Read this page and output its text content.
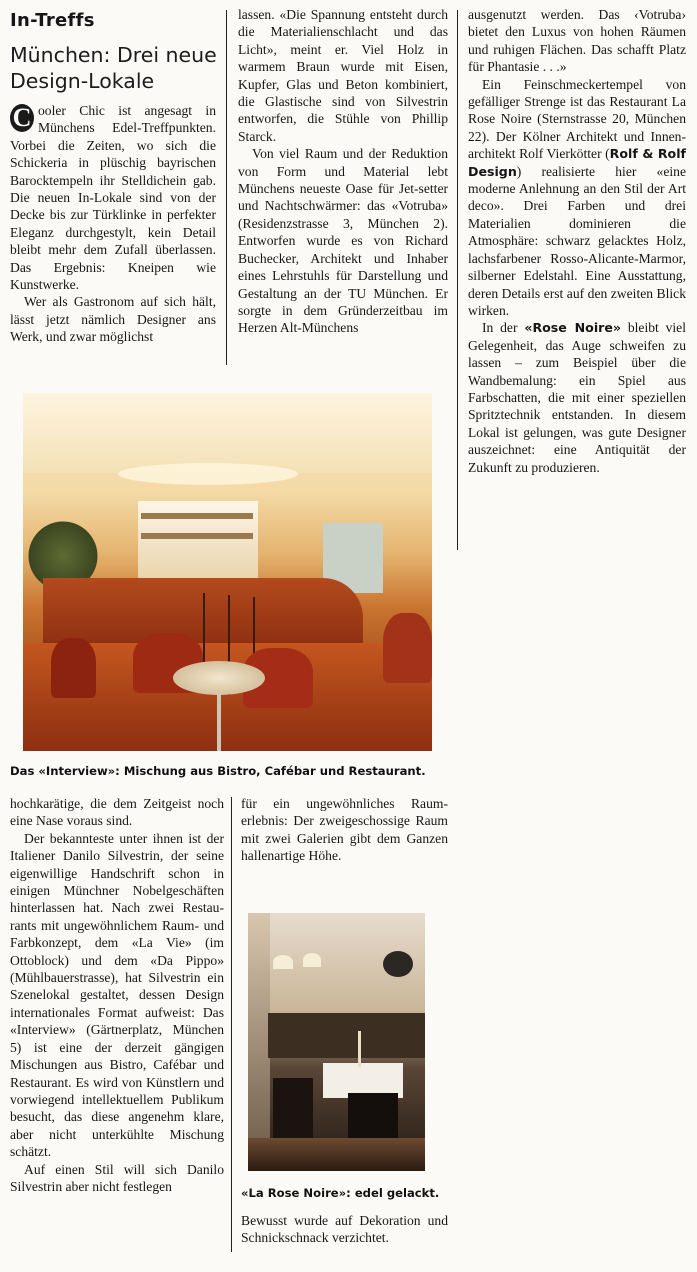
In-Treffs
München: Drei neue Design-Lokale

C ooler Chic ist angesagt in Münchens Edel-Treffpunkten. Vorbei die Zeiten, wo sich die Schickeria in plüschig bayrischen Barocktempeln ihr Stelldichein gab. Die neuen In-Lokale sind von der Decke bis zur Türklinke in perfekter Eleganz durchgestylt, kein Detail bleibt mehr dem Zufall überlassen. Das Ergebnis: Kneipen wie Kunstwerke.

Wer als Gastronom auf sich hält, lässt jetzt nämlich Designer ans Werk, und zwar möglichst

lassen. «Die Spannung entsteht durch die Materialienschlacht und das Licht», meint er. Viel Holz in warmem Braun wurde mit Eisen, Kupfer, Glas und Beton kombiniert, die Glastische sind von Silvestrin entworfen, die Stühle von Phillip Starck.

Von viel Raum und der Reduktion von Form und Material lebt Münchens neueste Oase für Jet-setter und Nachtschwärmer: das «Votruba» (Residenzstrasse 3, München 2). Entworfen wurde es von Richard Buchecker, Architekt und Inhaber eines Lehrstuhls für Darstellung und Gestaltung an der TU München. Er sorgte in dem Gründerzeitbau im Herzen Alt-Münchens

ausgenutzt werden. Das ‹Votruba› bietet den Luxus von hohen Räumen und ruhigen Flächen. Das schafft Platz für Phantasie . . .»

Ein Feinschmeckertempel von gefälliger Strenge ist das Restaurant La Rose Noire (Sternstrasse 20, München 22). Der Kölner Architekt und Innenarchitekt Rolf Vierkötter (Rolf & Rolf Design) realisierte hier «eine moderne Anlehnung an den Stil der Art deco». Drei Farben und drei Materialien dominieren die Atmosphäre: schwarz gelacktes Holz, lachsfarbener Rosso-Alicante-Marmor, silberner Edelstahl. Eine Ausstattung, deren Details erst auf den zweiten Blick wirken.

In der «Rose Noire» bleibt viel Gelegenheit, das Auge schweifen zu lassen – zum Beispiel über die Wandbemalung: ein Spiel aus Farbschatten, die mit einer speziellen Spritztechnik entstanden. In diesem Lokal ist gelungen, was gute Designer auszeichnet: eine Antiquität der Zukunft zu produzieren.

Das «Interview»: Mischung aus Bistro, Cafébar und Restaurant.

hochkarätige, die dem Zeitgeist noch eine Nase voraus sind.

Der bekannteste unter ihnen ist der Italiener Danilo Silvestrin, der seine eigenwillige Handschrift schon in einigen Münchner Nobelgeschäften hinterlassen hat. Nach zwei Restaurants mit ungewöhnlichem Raum- und Farbkonzept, dem «La Vie» (im Ottoblock) und dem «Da Pippo» (Mühlbauerstrasse), hat Silvestrin ein Szenelokal gestaltet, dessen Design internationales Format aufweist: Das «Interview» (Gärtnerplatz, München 5) ist eine der derzeit gängigen Mischungen aus Bistro, Cafébar und Restaurant. Es wird von Künstlern und vorwiegend intellektuellem Publikum besucht, das diese angenehm klare, aber nicht unterkühlte Mischung schätzt.

Auf einen Stil will sich Danilo Silvestrin aber nicht festlegen

für ein ungewöhnliches Raumerlebnis: Der zweigeschossige Raum mit zwei Galerien gibt dem Ganzen hallenartige Höhe.

«La Rose Noire»: edel gelackt.

Bewusst wurde auf Dekoration und Schnickschnack verzichtet.
